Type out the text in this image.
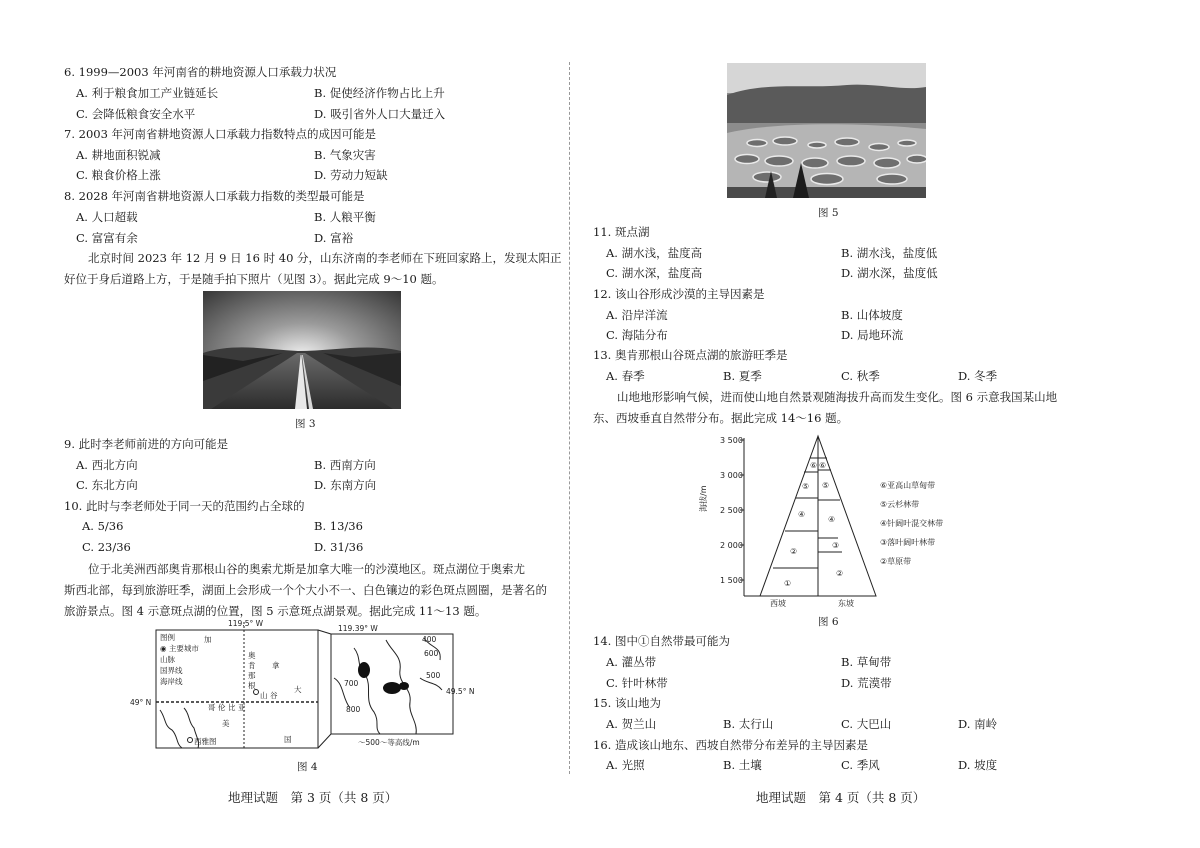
6. 1999—2003 年河南省的耕地资源人口承载力状况
A. 利于粮食加工产业链延长	B. 促使经济作物占比上升
C. 会降低粮食安全水平	D. 吸引省外人口大量迁入
7. 2003 年河南省耕地资源人口承载力指数特点的成因可能是
A. 耕地面积锐减	B. 气象灾害
C. 粮食价格上涨	D. 劳动力短缺
8. 2028 年河南省耕地资源人口承载力指数的类型最可能是
A. 人口超载	B. 人粮平衡
C. 富富有余	D. 富裕
北京时间 2023 年 12 月 9 日 16 时 40 分，山东济南的李老师在下班回家路上，发现太阳正
好位于身后道路上方，于是随手拍下照片（见图 3）。据此完成 9～10 题。
图 3
9. 此时李老师前进的方向可能是
A. 西北方向	B. 西南方向
C. 东北方向	D. 东南方向
10. 此时与李老师处于同一天的范围约占全球的
A. 5/36	B. 13/36
C. 23/36	D. 31/36
位于北美洲西部奥肯那根山谷的奥索尤斯是加拿大唯一的沙漠地区。斑点湖位于奥索尤
斯西北部，每到旅游旺季，湖面上会形成一个个大小不一、白色镶边的彩色斑点圆圈，是著名的
旅游景点。图 4 示意斑点湖的位置，图 5 示意斑点湖景观。据此完成 11～13 题。
图例
◉ 主要城市
山脉
国界线
海岸线
119.5° W
119.39° W
49° N
49.5° N
加
拿
大
奥
肯
那
根
山 谷
美
国
哥 伦 比 亚
西雅图
600
400
500
700
800
～500～等高线/m
图 4
地理试题　第 3 页（共 8 页）
图 5
11. 斑点湖
A. 湖水浅，盐度高	B. 湖水浅，盐度低
C. 湖水深，盐度高	D. 湖水深，盐度低
12. 该山谷形成沙漠的主导因素是
A. 沿岸洋流	B. 山体坡度
C. 海陆分布	D. 局地环流
13. 奥肯那根山谷斑点湖的旅游旺季是
A. 春季	B. 夏季	C. 秋季	D. 冬季
山地地形影响气候，进而使山地自然景观随海拔升高而发生变化。图 6 示意我国某山地
东、西坡垂直自然带分布。据此完成 14～16 题。
3 500
3 000
2 500
2 000
1 500
海拔/m
西坡	东坡
①
②
④
⑤
⑥
②
③
④
⑤
⑥
⑥亚高山草甸带
⑤云杉林带
④针阔叶混交林带
③落叶阔叶林带
②草原带
图 6
14. 图中①自然带最可能为
A. 灌丛带	B. 草甸带
C. 针叶林带	D. 荒漠带
15. 该山地为
A. 贺兰山	B. 太行山	C. 大巴山	D. 南岭
16. 造成该山地东、西坡自然带分布差异的主导因素是
A. 光照	B. 土壤	C. 季风	D. 坡度
地理试题　第 4 页（共 8 页）
